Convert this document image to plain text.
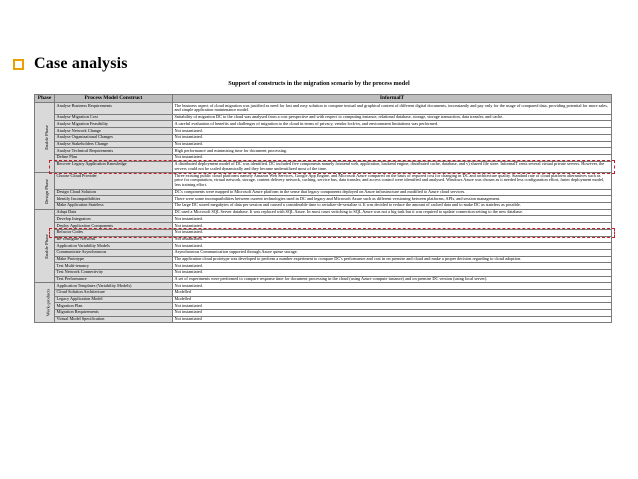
Case analysis
Support of constructs in the migration scenario by the process model
Phase	Process Model Construct	InformalT
Enable Phase	Analyse Business Requirements	The business aspect of cloud migration was justified as need for fast and easy solution to compare textual and graphical content of different digital documents, inconstantly and pay only for the usage of compared data, providing potential for more sales, and simple application maintenance model.
	Analyse Migration Cost	Suitability of migration DC to the cloud was analysed from a cost perspective and with respect to computing instance, relational database, storage, storage transaction, data transfer, and cache.
	Analyse Migration Feasibility	A careful evaluation of benefits and challenges of migration to the cloud in terms of privacy, vendor lock-in, and environment limitations was performed.
	Analyse Network Change	Not instantiated.
	Analyse Organizational Changes	Not instantiated.
	Analyse Stakeholders Change	Not instantiated.
	Analyse Technical Requirements	High performance and minimising time for document processing.
	Define Plan	Not instantiated.
	Recover Legacy Application Knowledge	A distributed deployment model of DC was identified. DC included five components namely frontend web, application, backend engine, distributed cache, database, and v) shared file store. InformalT rents several virtual private servers. However, the servers could not be scaled dynamically and they became underutilized most of the time.
Design Phase	Choose Cloud Provider	Three existing public cloud platforms namely Amazon Web Services, Google App Engine, and Microsoft Azure compared on the basis of required cost for changing in DC and architecture quality. Standard rate of cloud platform alternatives such as price for computation, virtual network, storage, content delivery network, caching, service bus, data transfer, and access control were identified and analysed. Windows Azure was chosen as it needed less configuration effort, faster deployment model, less training effort.
	Design Cloud Solution	DC's components were mapped to Microsoft Azure platform in the sense that legacy components deployed on Azure infrastructure and modified to Azure cloud services.
	Identify Incompatibilities	There were some incompatibilities between current technologies used in DC and legacy and Microsoft Azure such as different versioning between platforms, APIs, and session management.
	Make Application Stateless	The large DC stored megabytes of data per session and caused a considerable time to serialize-de-serialize it. It was decided to reduce the amount of cached data and to make DC as stateless as possible.
Enable Phase	Adapt Data	DC used a Microsoft SQL Server database. It was replaced with SQL Azure. In most cases switching to SQL Azure was not a big task but it was required to update connection setting to the new database.
	Develop Integrators	Not instantiated.
	Deploy Application Components	Not instantiated.
	Refactor Codes	Not instantiated.
	Re-configure Network	Not instantiated.
	Application Variability Models	Not instantiated.
	Communicate Asynchronous	Asynchronous Communication supported through Azure queue storage.
	Make Prototype	The application cloud prototype was developed to perform a number experiment to compare DC's performance and cost in on premise and cloud and make a proper decision regarding to cloud adoption.
	Test Multi-tenancy	Not instantiated.
	Test Network Connectivity	Not instantiated.
	Test Performance	A set of experiments were performed to compare response time for document processing in the cloud (using Azure compute instance) and on premise DC version (using local server).
Work-products	Application Templates (Variability Models)	Not instantiated.
	Cloud Solution Architecture	Modelled
	Legacy Application Model	Modelled
	Migration Plan	Not instantiated
	Migration Requirements	Not instantiated
	Virtual Model Specification	Not instantiated
